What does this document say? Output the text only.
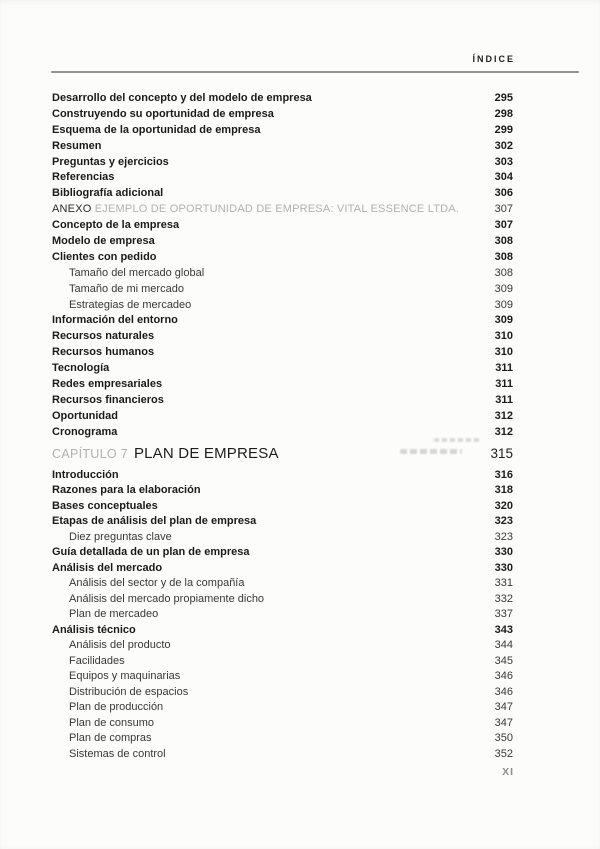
ÍNDICE
Desarrollo del concepto y del modelo de empresa	295
Construyendo su oportunidad de empresa	298
Esquema de la oportunidad de empresa	299
Resumen	302
Preguntas y ejercicios	303
Referencias	304
Bibliografía adicional	306
ANEXO EJEMPLO DE OPORTUNIDAD DE EMPRESA: VITAL ESSENCE LTDA.	307
Concepto de la empresa	307
Modelo de empresa	308
Clientes con pedido	308
Tamaño del mercado global	308
Tamaño de mi mercado	309
Estrategias de mercadeo	309
Información del entorno	309
Recursos naturales	310
Recursos humanos	310
Tecnología	311
Redes empresariales	311
Recursos financieros	311
Oportunidad	312
Cronograma	312
CAPÍTULO 7 PLAN DE EMPRESA	315
Introducción	316
Razones para la elaboración	318
Bases conceptuales	320
Etapas de análisis del plan de empresa	323
Diez preguntas clave	323
Guía detallada de un plan de empresa	330
Análisis del mercado	330
Análisis del sector y de la compañía	331
Análisis del mercado propiamente dicho	332
Plan de mercadeo	337
Análisis técnico	343
Análisis del producto	344
Facilidades	345
Equipos y maquinarias	346
Distribución de espacios	346
Plan de producción	347
Plan de consumo	347
Plan de compras	350
Sistemas de control	352
XI
